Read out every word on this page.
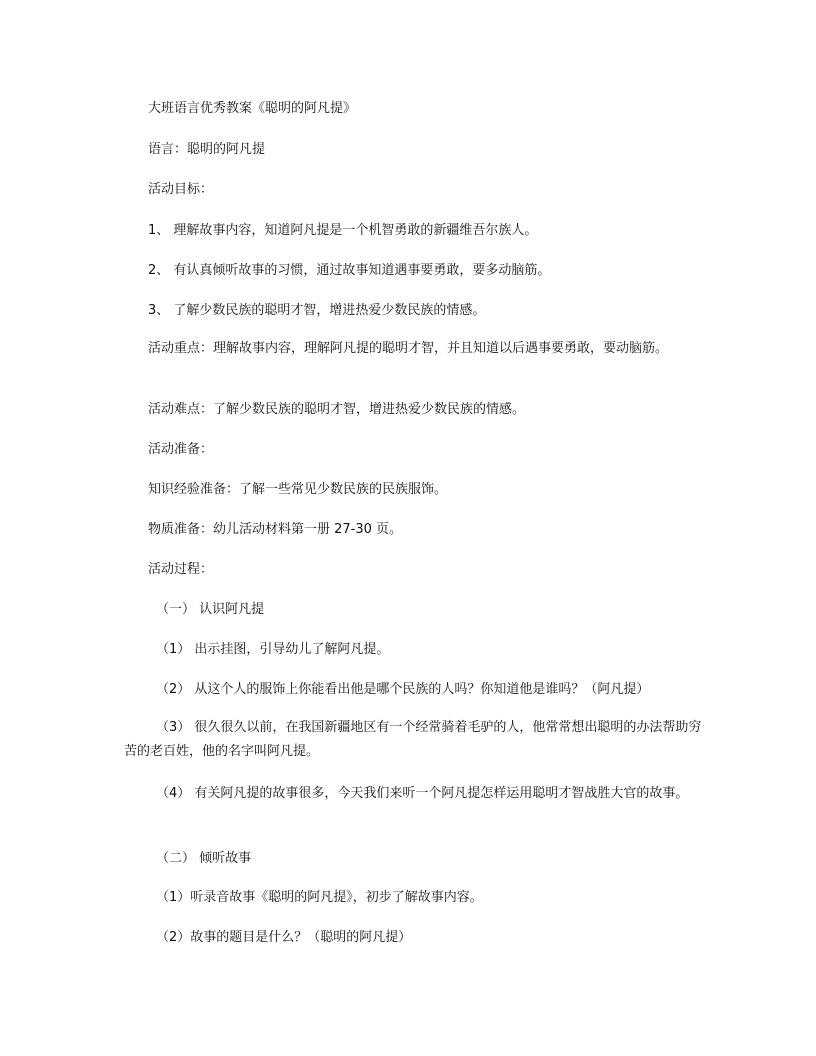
大班语言优秀教案《聪明的阿凡提》
语言：聪明的阿凡提
活动目标：
1、 理解故事内容，知道阿凡提是一个机智勇敢的新疆维吾尔族人。
2、 有认真倾听故事的习惯，通过故事知道遇事要勇敢，要多动脑筋。
3、 了解少数民族的聪明才智，增进热爱少数民族的情感。
活动重点：理解故事内容，理解阿凡提的聪明才智，并且知道以后遇事要勇敢，要动脑筋。
活动难点：了解少数民族的聪明才智，增进热爱少数民族的情感。
活动准备：
知识经验准备：了解一些常见少数民族的民族服饰。
物质准备：幼儿活动材料第一册 27-30 页。
活动过程：
（一） 认识阿凡提
（1） 出示挂图，引导幼儿了解阿凡提。
（2） 从这个人的服饰上你能看出他是哪个民族的人吗？你知道他是谁吗？（阿凡提）
（3） 很久很久以前，在我国新疆地区有一个经常骑着毛驴的人，他常常想出聪明的办法帮助穷苦的老百姓，他的名字叫阿凡提。
（4） 有关阿凡提的故事很多，今天我们来听一个阿凡提怎样运用聪明才智战胜大官的故事。
（二） 倾听故事
（1）听录音故事《聪明的阿凡提》，初步了解故事内容。
（2）故事的题目是什么？（聪明的阿凡提）
